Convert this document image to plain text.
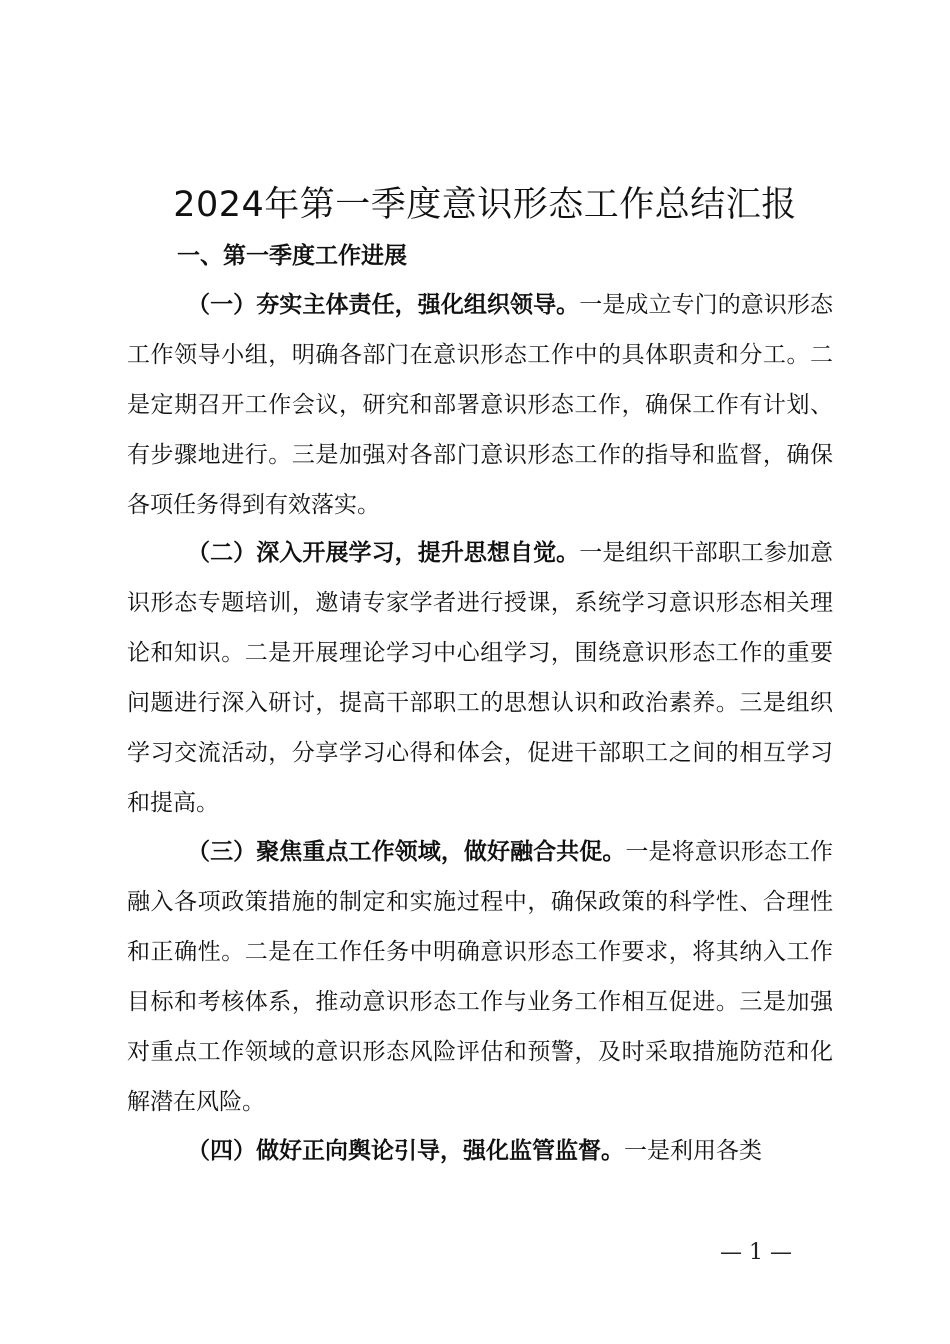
2024年第一季度意识形态工作总结汇报
一、第一季度工作进展

（一）夯实主体责任，强化组织领导。一是成立专门的意识形态工作领导小组，明确各部门在意识形态工作中的具体职责和分工。二是定期召开工作会议，研究和部署意识形态工作，确保工作有计划、有步骤地进行。三是加强对各部门意识形态工作的指导和监督，确保各项任务得到有效落实。

（二）深入开展学习，提升思想自觉。一是组织干部职工参加意识形态专题培训，邀请专家学者进行授课，系统学习意识形态相关理论和知识。二是开展理论学习中心组学习，围绕意识形态工作的重要问题进行深入研讨，提高干部职工的思想认识和政治素养。三是组织学习交流活动，分享学习心得和体会，促进干部职工之间的相互学习和提高。

（三）聚焦重点工作领域，做好融合共促。一是将意识形态工作融入各项政策措施的制定和实施过程中，确保政策的科学性、合理性和正确性。二是在工作任务中明确意识形态工作要求，将其纳入工作目标和考核体系，推动意识形态工作与业务工作相互促进。三是加强对重点工作领域的意识形态风险评估和预警，及时采取措施防范和化解潜在风险。

（四）做好正向舆论引导，强化监管监督。一是利用各类

— 1 —
